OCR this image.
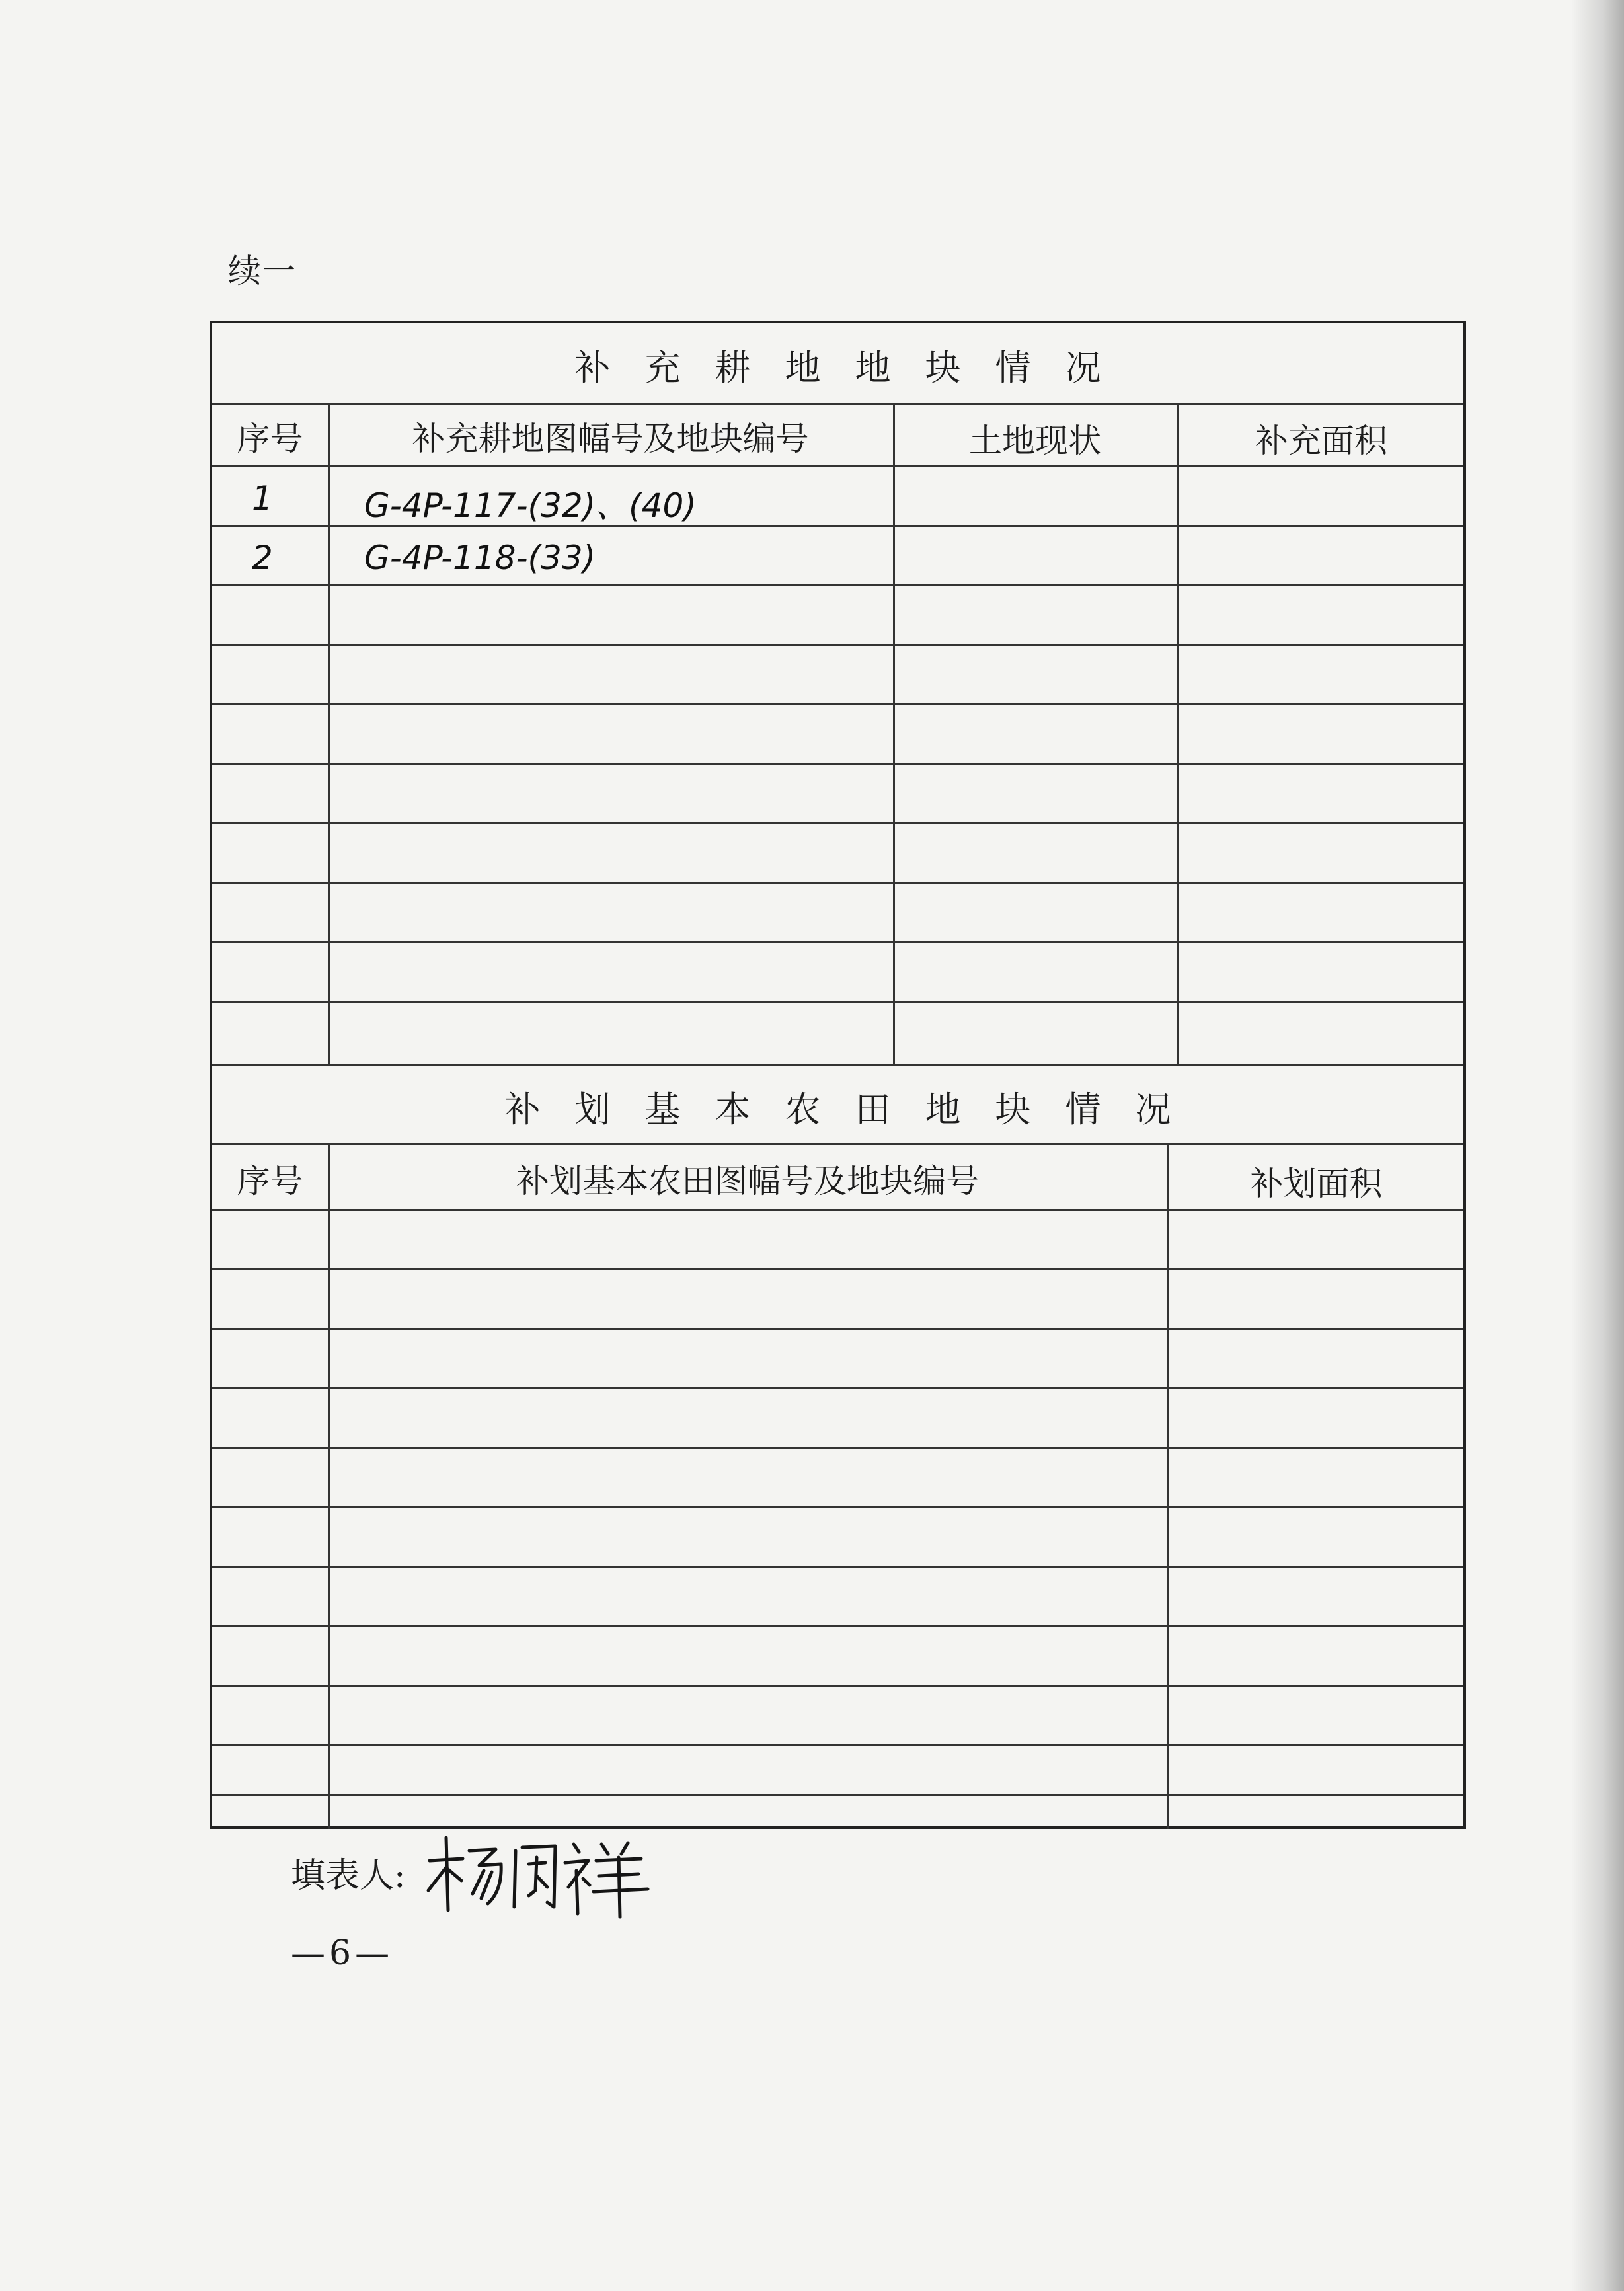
续一
补 充 耕 地 地 块 情 况
序号	补充耕地图幅号及地块编号	土地现状	补充面积
1	G-4P-117-(32)、(40)
2	G-4P-118-(33)
补 划 基 本 农 田 地 块 情 况
序号	补划基本农田图幅号及地块编号	补划面积
填表人:
—6—
